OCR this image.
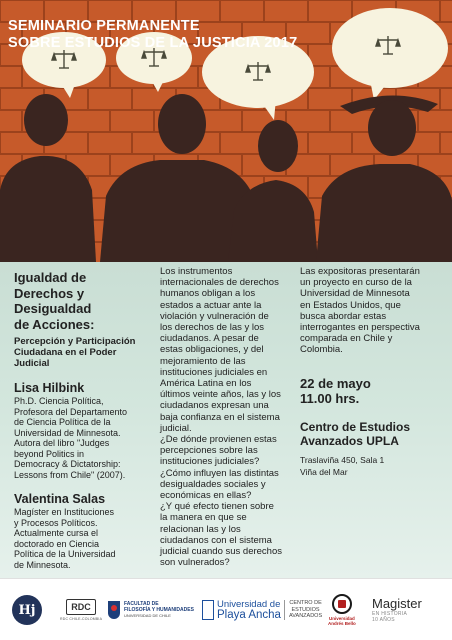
SEMINARIO PERMANENTE
SOBRE ESTUDIOS DE LA JUSTICIA 2017
Igualdad de
Derechos y
Desigualdad
de Acciones:

Percepción y Participación
Ciudadana en el Poder
Judicial

Lisa Hilbink

Ph.D. Ciencia Política,
Profesora del Departamento
de Ciencia Política de la
Universidad de Minnesota.
Autora del libro "Judges
beyond Politics in
Democracy & Dictatorship:
Lessons from Chile" (2007).

Valentina Salas

Magíster en Instituciones
y Procesos Políticos.
Actualmente cursa el
doctorado en Ciencia
Política de la Universidad
de Minnesota.

Los instrumentos
internacionales de derechos
humanos obligan a los
estados a actuar ante la
violación y vulneración de
los derechos de las y los
ciudadanos. A pesar de
estas obligaciones, y del
mejoramiento de las
instituciones judiciales en
América Latina en los
últimos veinte años, las y los
ciudadanos expresan una
baja confianza en el sistema
judicial.
¿De dónde provienen estas
percepciones sobre las
instituciones judiciales?
¿Cómo influyen las distintas
desigualdades sociales y
económicas en ellas?
¿Y qué efecto tienen sobre
la manera en que se
relacionan las y los
ciudadanos con el sistema
judicial cuando sus derechos
son vulnerados?

Las expositoras presentarán
un proyecto en curso de la
Universidad de Minnesota
en Estados Unidos, que
busca abordar estas
interrogantes en perspectiva
comparada en Chile y
Colombia.

22 de mayo

11.00 hrs.

Centro de Estudios
Avanzados UPLA

Traslaviña 450, Sala 1
Viña del Mar

Hj	RDC
RDC CHILE-COLOMBIA
FACULTAD DE
FILOSOFÍA Y HUMANIDADES
UNIVERSIDAD DE CHILE
Universidad de
Playa Ancha
CENTRO DE
ESTUDIOS
AVANZADOS Universidad
Andrés Bello
Magister
EN HISTORIA
10 AÑOS
